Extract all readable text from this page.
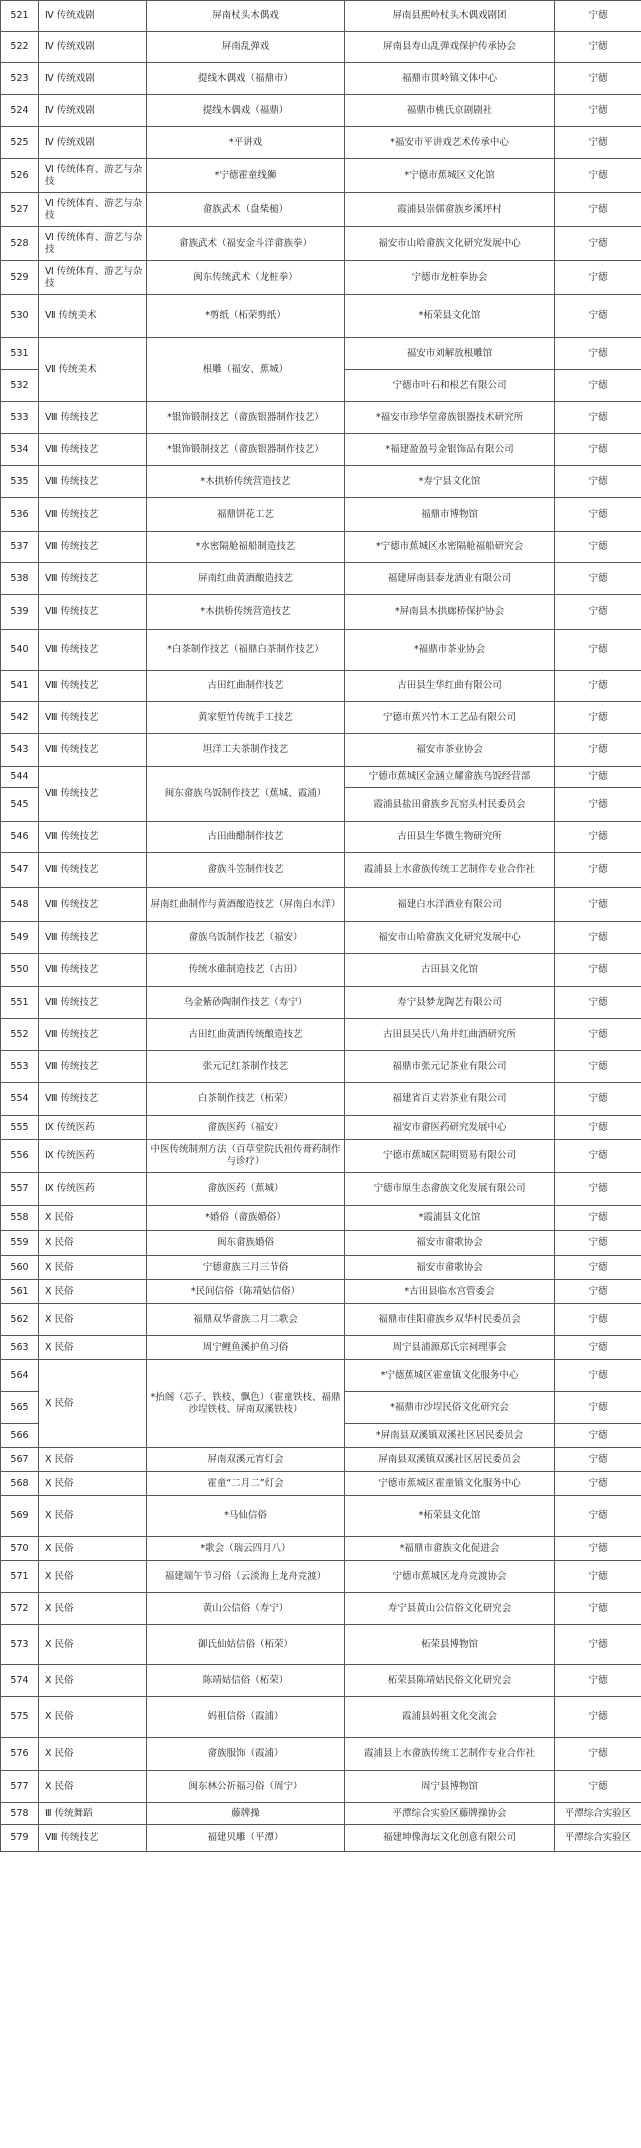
521	Ⅳ 传统戏剧	屏南杖头木偶戏	屏南县熙岭杖头木偶戏剧团	宁德
522	Ⅳ 传统戏剧	屏南乱弹戏	屏南县寿山乱弹戏保护传承协会	宁德
523	Ⅳ 传统戏剧	提线木偶戏（福鼎市）	福鼎市贯岭镇文体中心	宁德
524	Ⅳ 传统戏剧	提线木偶戏（福鼎）	福鼎市桃氏京剧剧社	宁德
525	Ⅳ 传统戏剧	*平讲戏	*福安市平讲戏艺术传承中心	宁德
526	Ⅵ 传统体育、游艺与杂技	*宁德霍童线狮	*宁德市蕉城区文化馆	宁德
527	Ⅵ 传统体育、游艺与杂技	畲族武术（盘柴槌）	霞浦县崇儒畲族乡溪坪村	宁德
528	Ⅵ 传统体育、游艺与杂技	畲族武术（福安金斗洋畲族拳）	福安市山哈畲族文化研究发展中心	宁德
529	Ⅵ 传统体育、游艺与杂技	闽东传统武术（龙桩拳）	宁德市龙桩拳协会	宁德
530	Ⅶ 传统美术	*剪纸（柘荣剪纸）	*柘荣县文化馆	宁德
531	Ⅶ 传统美术	根雕（福安、蕉城）	福安市刘解放根雕馆	宁德
532			宁德市叶石和根艺有限公司	宁德
533	Ⅷ 传统技艺	*银饰锻制技艺（畲族银器制作技艺）	*福安市珍华堂畲族银器技术研究所	宁德
534	Ⅷ 传统技艺	*银饰锻制技艺（畲族银器制作技艺）	*福建盈盈号金银饰品有限公司	宁德
535	Ⅷ 传统技艺	*木拱桥传统营造技艺	*寿宁县文化馆	宁德
536	Ⅷ 传统技艺	福鼎饼花工艺	福鼎市博物馆	宁德
537	Ⅷ 传统技艺	*水密隔舱福船制造技艺	*宁德市蕉城区水密隔舱福船研究会	宁德
538	Ⅷ 传统技艺	屏南红曲黄酒酿造技艺	福建屏南县泰龙酒业有限公司	宁德
539	Ⅷ 传统技艺	*木拱桥传统营造技艺	*屏南县木拱廊桥保护协会	宁德
540	Ⅷ 传统技艺	*白茶制作技艺（福鼎白茶制作技艺）	*福鼎市茶业协会	宁德
541	Ⅷ 传统技艺	古田红曲制作技艺	古田县生华红曲有限公司	宁德
542	Ⅷ 传统技艺	黄家堑竹传统手工技艺	宁德市蕉兴竹木工艺品有限公司	宁德
543	Ⅷ 传统技艺	坦洋工夫茶制作技艺	福安市茶业协会	宁德
544	Ⅷ 传统技艺	闽东畲族乌饭制作技艺（蕉城、霞浦）	宁德市蕉城区金涵立耀畲族乌饭经营部	宁德
545			霞浦县盐田畲族乡瓦窑头村民委员会	宁德
546	Ⅷ 传统技艺	古田曲醋制作技艺	古田县生华微生物研究所	宁德
547	Ⅷ 传统技艺	畲族斗笠制作技艺	霞浦县上水畲族传统工艺制作专业合作社	宁德
548	Ⅷ 传统技艺	屏南红曲制作与黄酒酿造技艺（屏南白水洋）	福建白水洋酒业有限公司	宁德
549	Ⅷ 传统技艺	畲族乌饭制作技艺（福安）	福安市山哈畲族文化研究发展中心	宁德
550	Ⅷ 传统技艺	传统水碓制造技艺（古田）	古田县文化馆	宁德
551	Ⅷ 传统技艺	乌金紫砂陶制作技艺（寿宁）	寿宁县梦龙陶艺有限公司	宁德
552	Ⅷ 传统技艺	古田红曲黄酒传统酿造技艺	古田县吴氏八角井红曲酒研究所	宁德
553	Ⅷ 传统技艺	张元记红茶制作技艺	福鼎市张元记茶业有限公司	宁德
554	Ⅷ 传统技艺	白茶制作技艺（柘荣）	福建省百丈岩茶业有限公司	宁德
555	Ⅸ 传统医药	畲族医药（福安）	福安市畲医药研究发展中心	宁德
556	Ⅸ 传统医药	中医传统制剂方法（百草堂院氏祖传膏药制作与诊疗）	宁德市蕉城区院明贸易有限公司	宁德
557	Ⅸ 传统医药	畲族医药（蕉城）	宁德市原生态畲族文化发展有限公司	宁德
558	Ⅹ 民俗	*婚俗（畲族婚俗）	*霞浦县文化馆	宁德
559	Ⅹ 民俗	闽东畲族婚俗	福安市畲歌协会	宁德
560	Ⅹ 民俗	宁德畲族三月三节俗	福安市畲歌协会	宁德
561	Ⅹ 民俗	*民间信俗（陈靖姑信俗）	*古田县临水宫管委会	宁德
562	Ⅹ 民俗	福鼎双华畲族二月二歌会	福鼎市佳阳畲族乡双华村民委员会	宁德
563	Ⅹ 民俗	周宁鲤鱼溪护鱼习俗	周宁县浦源郑氏宗祠理事会	宁德
564	Ⅹ 民俗	*抬阁（芯子、铁枝、飘色）（霍童铁枝、福鼎沙埕铁枝、屏南双溪铁枝）	*宁德蕉城区霍童镇文化服务中心	宁德
565			*福鼎市沙埕民俗文化研究会	宁德
566			*屏南县双溪镇双溪社区居民委员会	宁德
567	Ⅹ 民俗	屏南双溪元宵灯会	屏南县双溪镇双溪社区居民委员会	宁德
568	Ⅹ 民俗	霍童“二月二”灯会	宁德市蕉城区霍童镇文化服务中心	宁德
569	Ⅹ 民俗	*马仙信俗	*柘荣县文化馆	宁德
570	Ⅹ 民俗	*歌会（瑞云四月八）	*福鼎市畲族文化促进会	宁德
571	Ⅹ 民俗	福建端午节习俗（云淡海上龙舟竞渡）	宁德市蕉城区龙舟竞渡协会	宁德
572	Ⅹ 民俗	黄山公信俗（寿宁）	寿宁县黄山公信俗文化研究会	宁德
573	Ⅹ 民俗	御氏仙姑信俗（柘荣）	柘荣县博物馆	宁德
574	Ⅹ 民俗	陈靖姑信俗（柘荣）	柘荣县陈靖姑民俗文化研究会	宁德
575	Ⅹ 民俗	妈祖信俗（霞浦）	霞浦县妈祖文化交流会	宁德
576	Ⅹ 民俗	畲族服饰（霞浦）	霞浦县上水畲族传统工艺制作专业合作社	宁德
577	Ⅹ 民俗	闽东林公祈福习俗（周宁）	周宁县博物馆	宁德
578	Ⅲ 传统舞蹈	藤牌操	平潭综合实验区藤牌操协会	平潭综合实验区
579	Ⅷ 传统技艺	福建贝雕（平潭）	福建坤像海坛文化创意有限公司	平潭综合实验区
